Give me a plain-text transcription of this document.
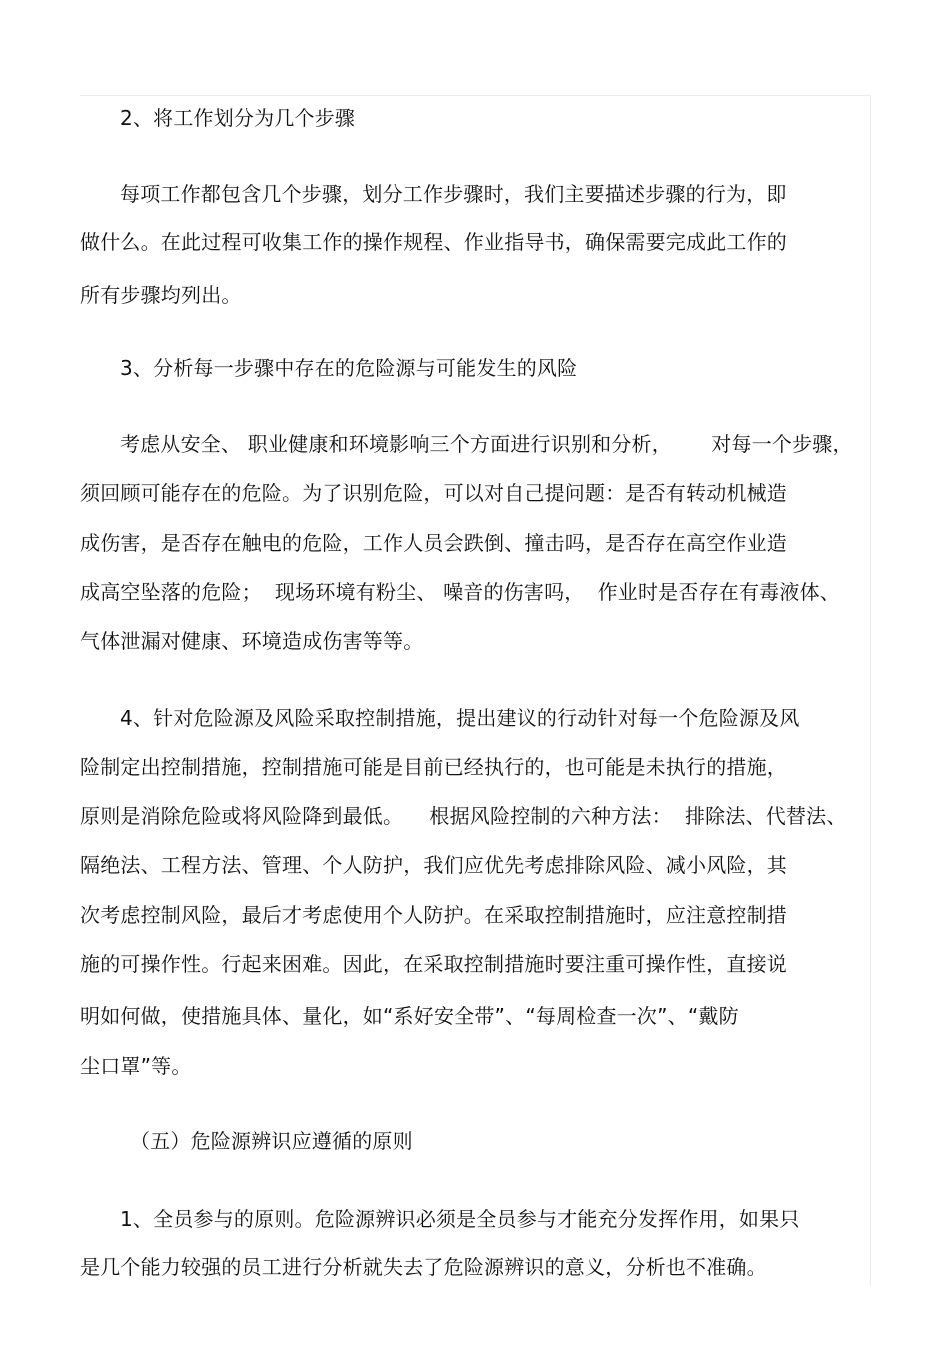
2、将工作划分为几个步骤
每项工作都包含几个步骤，划分工作步骤时，我们主要描述步骤的行为，即
做什么。在此过程可收集工作的操作规程、作业指导书，确保需要完成此工作的
所有步骤均列出。
3、分析每一步骤中存在的危险源与可能发生的风险
考虑从安全、 职业健康和环境影响三个方面进行识别和分析，      对每一个步骤，
须回顾可能存在的危险。为了识别危险，可以对自己提问题：是否有转动机械造
成伤害，是否存在触电的危险，工作人员会跌倒、撞击吗，是否存在高空作业造
成高空坠落的危险；  现场环境有粉尘、 噪音的伤害吗，  作业时是否存在有毒液体、
气体泄漏对健康、环境造成伤害等等。
4、针对危险源及风险采取控制措施，提出建议的行动针对每一个危险源及风
险制定出控制措施，控制措施可能是目前已经执行的，也可能是未执行的措施，
原则是消除危险或将风险降到最低。    根据风险控制的六种方法：  排除法、代替法、
隔绝法、工程方法、管理、个人防护，我们应优先考虑排除风险、减小风险，其
次考虑控制风险，最后才考虑使用个人防护。在采取控制措施时，应注意控制措
施的可操作性。行起来困难。因此，在采取控制措施时要注重可操作性，直接说
明如何做，使措施具体、量化，如“系好安全带”、“每周检查一次”、“戴防
尘口罩”等。
（五）危险源辨识应遵循的原则
1、全员参与的原则。危险源辨识必须是全员参与才能充分发挥作用，如果只
是几个能力较强的员工进行分析就失去了危险源辨识的意义，分析也不准确。
